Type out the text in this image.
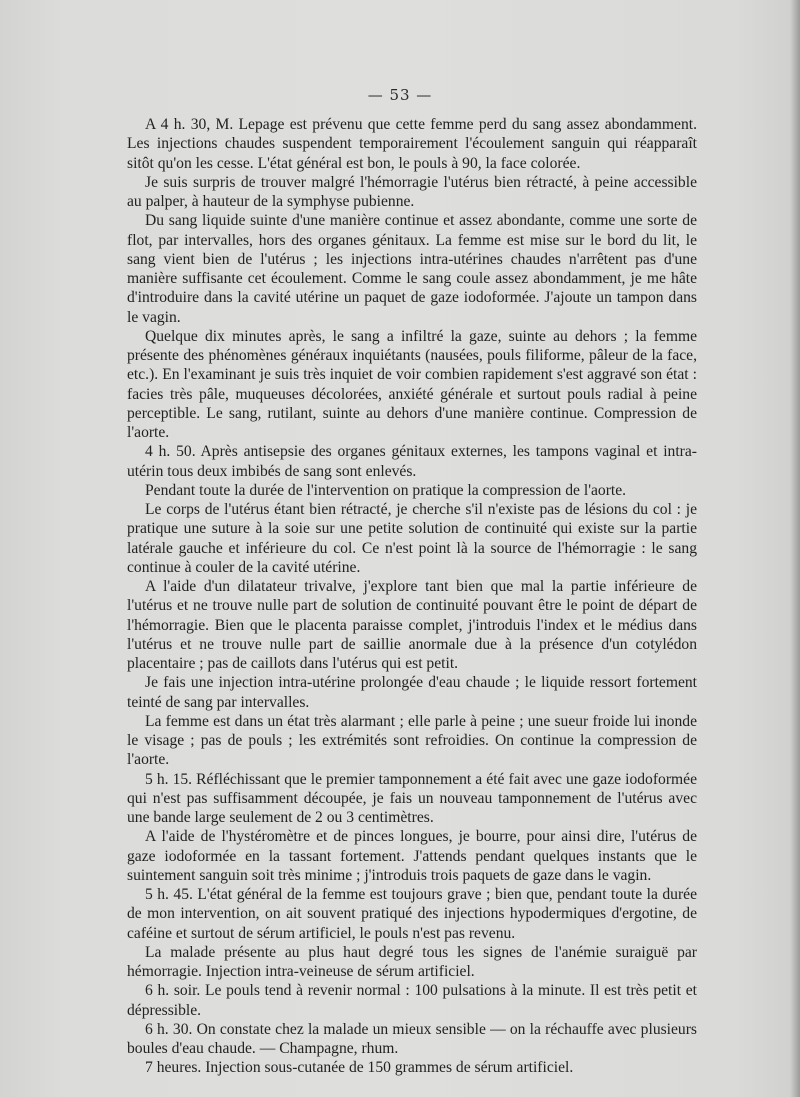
— 53 —

A 4 h. 30, M. Lepage est prévenu que cette femme perd du sang assez abondamment. Les injections chaudes suspendent temporairement l'écoulement sanguin qui réapparaît sitôt qu'on les cesse. L'état général est bon, le pouls à 90, la face colorée.

Je suis surpris de trouver malgré l'hémorragie l'utérus bien rétracté, à peine accessible au palper, à hauteur de la symphyse pubienne.

Du sang liquide suinte d'une manière continue et assez abondante, comme une sorte de flot, par intervalles, hors des organes génitaux. La femme est mise sur le bord du lit, le sang vient bien de l'utérus ; les injections intra-utérines chaudes n'arrêtent pas d'une manière suffisante cet écoulement. Comme le sang coule assez abondamment, je me hâte d'introduire dans la cavité utérine un paquet de gaze iodoformée. J'ajoute un tampon dans le vagin.

Quelque dix minutes après, le sang a infiltré la gaze, suinte au dehors ; la femme présente des phénomènes généraux inquiétants (nausées, pouls filiforme, pâleur de la face, etc.). En l'examinant je suis très inquiet de voir combien rapidement s'est aggravé son état : facies très pâle, muqueuses décolorées, anxiété générale et surtout pouls radial à peine perceptible. Le sang, rutilant, suinte au dehors d'une manière continue. Compression de l'aorte.

4 h. 50. Après antisepsie des organes génitaux externes, les tampons vaginal et intra-utérin tous deux imbibés de sang sont enlevés.

Pendant toute la durée de l'intervention on pratique la compression de l'aorte.

Le corps de l'utérus étant bien rétracté, je cherche s'il n'existe pas de lésions du col : je pratique une suture à la soie sur une petite solution de continuité qui existe sur la partie latérale gauche et inférieure du col. Ce n'est point là la source de l'hémorragie : le sang continue à couler de la cavité utérine.

A l'aide d'un dilatateur trivalve, j'explore tant bien que mal la partie inférieure de l'utérus et ne trouve nulle part de solution de continuité pouvant être le point de départ de l'hémorragie. Bien que le placenta paraisse complet, j'introduis l'index et le médius dans l'utérus et ne trouve nulle part de saillie anormale due à la présence d'un cotylédon placentaire ; pas de caillots dans l'utérus qui est petit.

Je fais une injection intra-utérine prolongée d'eau chaude ; le liquide ressort fortement teinté de sang par intervalles.

La femme est dans un état très alarmant ; elle parle à peine ; une sueur froide lui inonde le visage ; pas de pouls ; les extrémités sont refroidies. On continue la compression de l'aorte.

5 h. 15. Réfléchissant que le premier tamponnement a été fait avec une gaze iodoformée qui n'est pas suffisamment découpée, je fais un nouveau tamponnement de l'utérus avec une bande large seulement de 2 ou 3 centimètres.

A l'aide de l'hystéromètre et de pinces longues, je bourre, pour ainsi dire, l'utérus de gaze iodoformée en la tassant fortement. J'attends pendant quelques instants que le suintement sanguin soit très minime ; j'introduis trois paquets de gaze dans le vagin.

5 h. 45. L'état général de la femme est toujours grave ; bien que, pendant toute la durée de mon intervention, on ait souvent pratiqué des injections hypodermiques d'ergotine, de caféine et surtout de sérum artificiel, le pouls n'est pas revenu.

La malade présente au plus haut degré tous les signes de l'anémie suraiguë par hémorragie. Injection intra-veineuse de sérum artificiel.

6 h. soir. Le pouls tend à revenir normal : 100 pulsations à la minute. Il est très petit et dépressible.

6 h. 30. On constate chez la malade un mieux sensible — on la réchauffe avec plusieurs boules d'eau chaude. — Champagne, rhum.

7 heures. Injection sous-cutanée de 150 grammes de sérum artificiel.
